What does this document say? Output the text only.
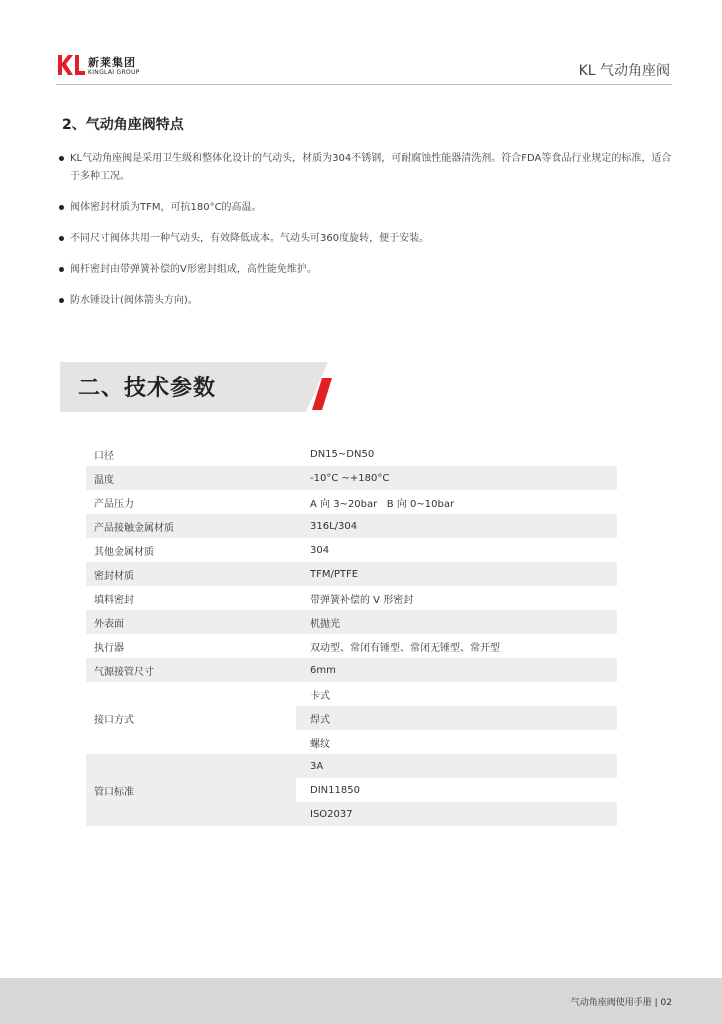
新莱集团
KINGLAI GROUP	KL 气动角座阀
2、气动角座阀特点
KL气动角座阀是采用卫生级和整体化设计的气动头，材质为304不锈钢，可耐腐蚀性能器清洗剂。符合FDA等食品行业规定的标准，适合于多种工况。
阀体密封材质为TFM，可抗180°C的高温。
不同尺寸阀体共用一种气动头，有效降低成本。气动头可360度旋转，便于安装。
阀杆密封由带弹簧补偿的V形密封组成，高性能免维护。
防水锤设计(阀体箭头方向)。
二、技术参数
口径	DN15~DN50
温度	-10°C ~+180°C
产品压力	A 向 3~20bar   B 向 0~10bar
产品接触金属材质	316L/304
其他金属材质	304
密封材质	TFM/PTFE
填料密封	带弹簧补偿的 V 形密封
外表面	机抛光
执行器	双动型、常闭有锤型、常闭无锤型、常开型
气源接管尺寸	6mm
接口方式	卡式
	焊式
	螺纹
管口标准	3A
	DIN11850
	ISO2037
气动角座阀使用手册 | 02
